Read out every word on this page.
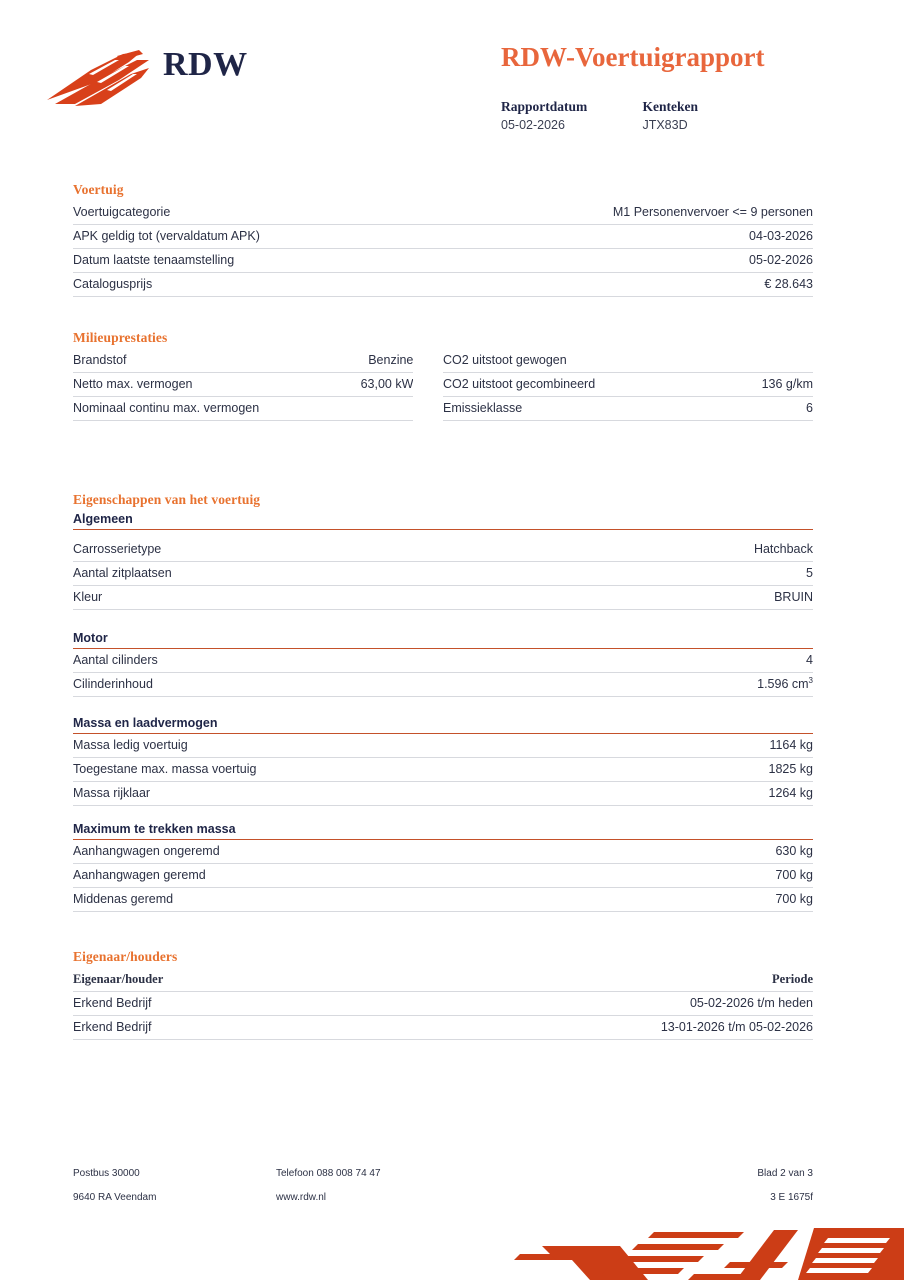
RDW	RDW-Voertuigrapport
Rapportdatum
05-02-2026

Kenteken
JTX83D
Voertuig
Voertuigcategorie	M1 Personenvervoer <= 9 personen
APK geldig tot (vervaldatum APK)	04-03-2026
Datum laatste tenaamstelling	05-02-2026
Catalogusprijs	€ 28.643
Milieuprestaties
Brandstof	Benzine		CO2 uitstoot gewogen	
Netto max. vermogen	63,00 kW		CO2 uitstoot gecombineerd	136 g/km
Nominaal continu max. vermogen			Emissieklasse	6
Eigenschappen van het voertuig
Algemeen
Carrosserietype	Hatchback
Aantal zitplaatsen	5
Kleur	BRUIN
Motor
Aantal cilinders	4
Cilinderinhoud	1.596 $cm^3$
Massa en laadvermogen
Massa ledig voertuig	1164 kg
Toegestane max. massa voertuig	1825 kg
Massa rijklaar	1264 kg
Maximum te trekken massa
Aanhangwagen ongeremd	630 kg
Aanhangwagen geremd	700 kg
Middenas geremd	700 kg
Eigenaar/houders
Eigenaar/houder	Periode
Erkend Bedrijf	05-02-2026 t/m heden
Erkend Bedrijf	13-01-2026 t/m 05-02-2026
Postbus 30000	Telefoon 088 008 74 47	Blad 2 van 3
9640 RA Veendam	www.rdw.nl	3 E 1675f
